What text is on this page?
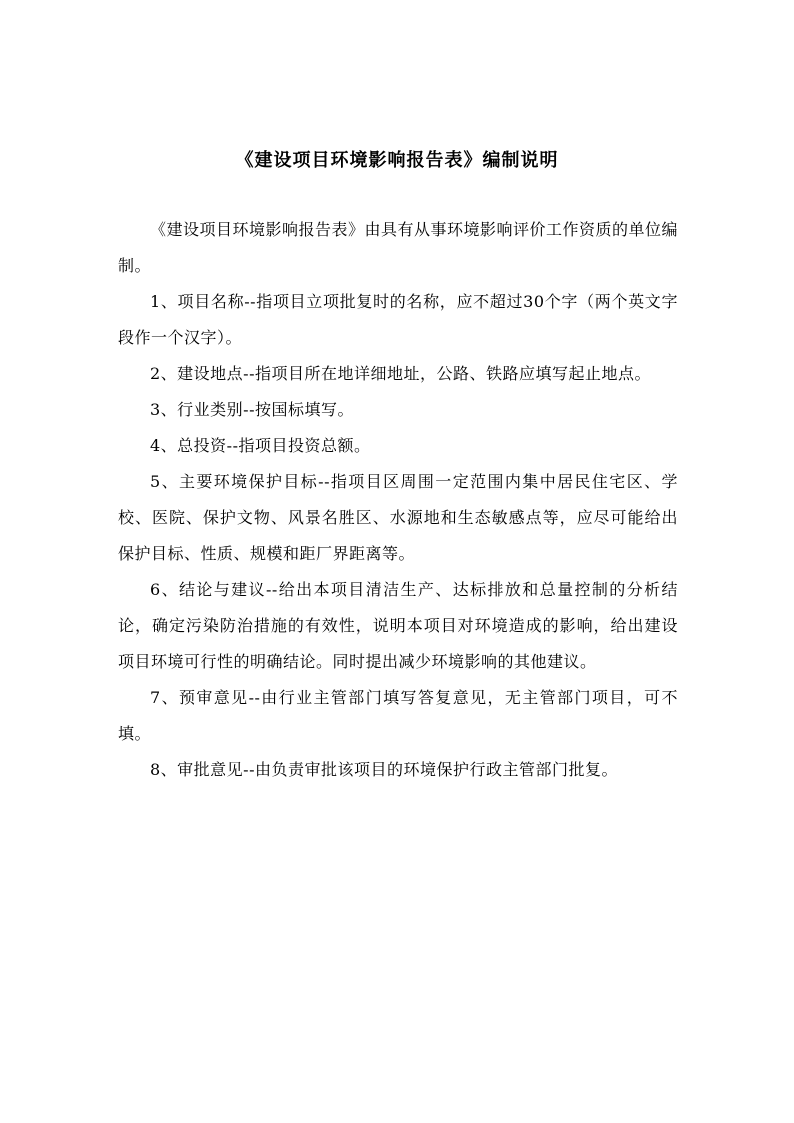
《建设项目环境影响报告表》编制说明

《建设项目环境影响报告表》由具有从事环境影响评价工作资质的单位编制。

1、项目名称--指项目立项批复时的名称，应不超过30个字（两个英文字段作一个汉字）。

2、建设地点--指项目所在地详细地址，公路、铁路应填写起止地点。

3、行业类别--按国标填写。

4、总投资--指项目投资总额。

5、主要环境保护目标--指项目区周围一定范围内集中居民住宅区、学校、医院、保护文物、风景名胜区、水源地和生态敏感点等，应尽可能给出保护目标、性质、规模和距厂界距离等。

6、结论与建议--给出本项目清洁生产、达标排放和总量控制的分析结论，确定污染防治措施的有效性，说明本项目对环境造成的影响，给出建设项目环境可行性的明确结论。同时提出减少环境影响的其他建议。

7、预审意见--由行业主管部门填写答复意见，无主管部门项目，可不填。

8、审批意见--由负责审批该项目的环境保护行政主管部门批复。
